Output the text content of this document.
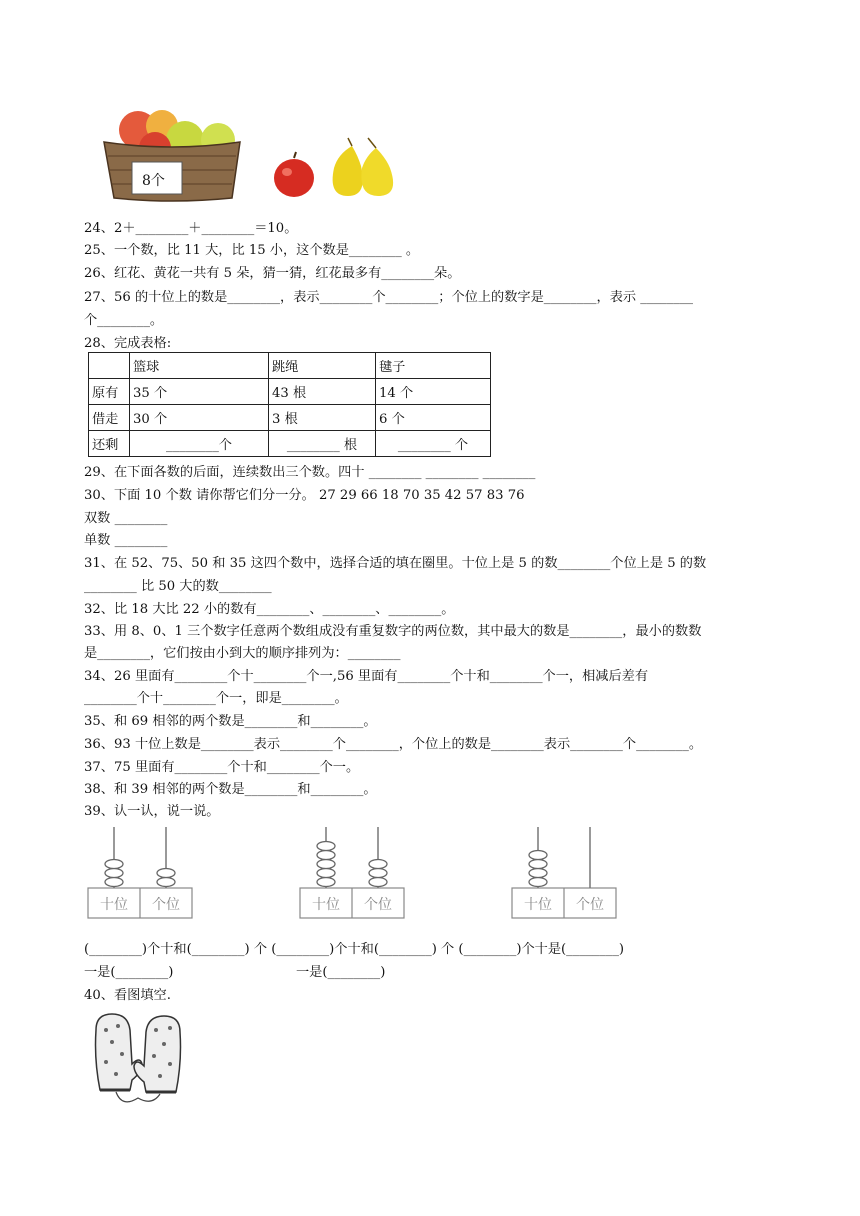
8个
24、2＋________＋________＝10。
25、一个数，比 11 大，比 15 小，这个数是________ 。
26、红花、黄花一共有 5 朵，猜一猜，红花最多有________朵。
27、56 的十位上的数是________，表示________个________；个位上的数字是________，表示 ________
个________。
28、完成表格:
	篮球	跳绳	毽子
原有	35 个	43 根	14 个
借走	30 个	3 根	6 个
还剩	________个	________ 根	________ 个
29、在下面各数的后面，连续数出三个数。四十 ________ ________ ________
30、下面 10 个数 请你帮它们分一分。 27 29 66 18 70 35 42 57 83 76
双数 ________
单数 ________
31、在 52、75、50 和 35 这四个数中，选择合适的填在圈里。十位上是 5 的数________个位上是 5 的数
________ 比 50 大的数________
32、比 18 大比 22 小的数有________、________、________。
33、用 8、0、1 三个数字任意两个数组成没有重复数字的两位数，其中最大的数是________，最小的数数
是________，它们按由小到大的顺序排列为：________
34、26 里面有________个十________个一,56 里面有________个十和________个一，相减后差有
________个十________个一，即是________。
35、和 69 相邻的两个数是________和________。
36、93 十位上数是________表示________个________，个位上的数是________表示________个________。
37、75 里面有________个十和________个一。
38、和 39 相邻的两个数是________和________。
39、认一认，说一说。
十位 个位	十位 个位	十位 个位
(________)个十和(________) 个 (________)个十和(________) 个 (________)个十是(________)
一是(________)	一是(________)
40、看图填空.
